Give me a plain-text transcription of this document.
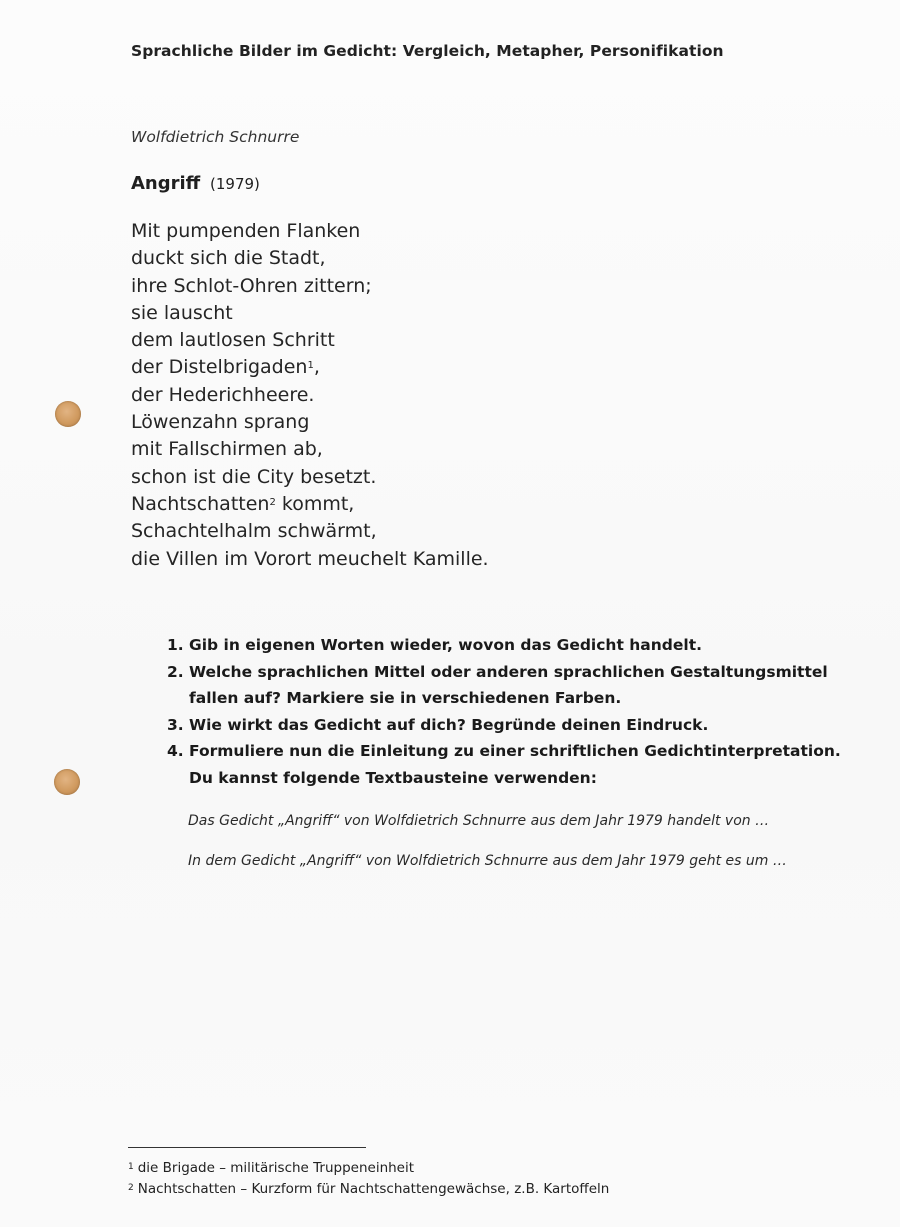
Sprachliche Bilder im Gedicht: Vergleich, Metapher, Personifikation
Wolfdietrich Schnurre
Angriff (1979)
Mit pumpenden Flanken
duckt sich die Stadt,
ihre Schlot-Ohren zittern;
sie lauscht
dem lautlosen Schritt
der Distelbrigaden$^1$,
der Hederichheere.
Löwenzahn sprang
mit Fallschirmen ab,
schon ist die City besetzt.
Nachtschatten$^2$ kommt,
Schachtelhalm schwärmt,
die Villen im Vorort meuchelt Kamille.
1. Gib in eigenen Worten wieder, wovon das Gedicht handelt.
2. Welche sprachlichen Mittel oder anderen sprachlichen Gestaltungsmittel fallen auf? Markiere sie in verschiedenen Farben.
3. Wie wirkt das Gedicht auf dich? Begründe deinen Eindruck.
4. Formuliere nun die Einleitung zu einer schriftlichen Gedichtinterpretation. Du kannst folgende Textbausteine verwenden:
Das Gedicht „Angriff“ von Wolfdietrich Schnurre aus dem Jahr 1979 handelt von …
In dem Gedicht „Angriff“ von Wolfdietrich Schnurre aus dem Jahr 1979 geht es um …
$^1$ die Brigade – militärische Truppeneinheit
$^2$ Nachtschatten – Kurzform für Nachtschattengewächse, z.B. Kartoffeln
